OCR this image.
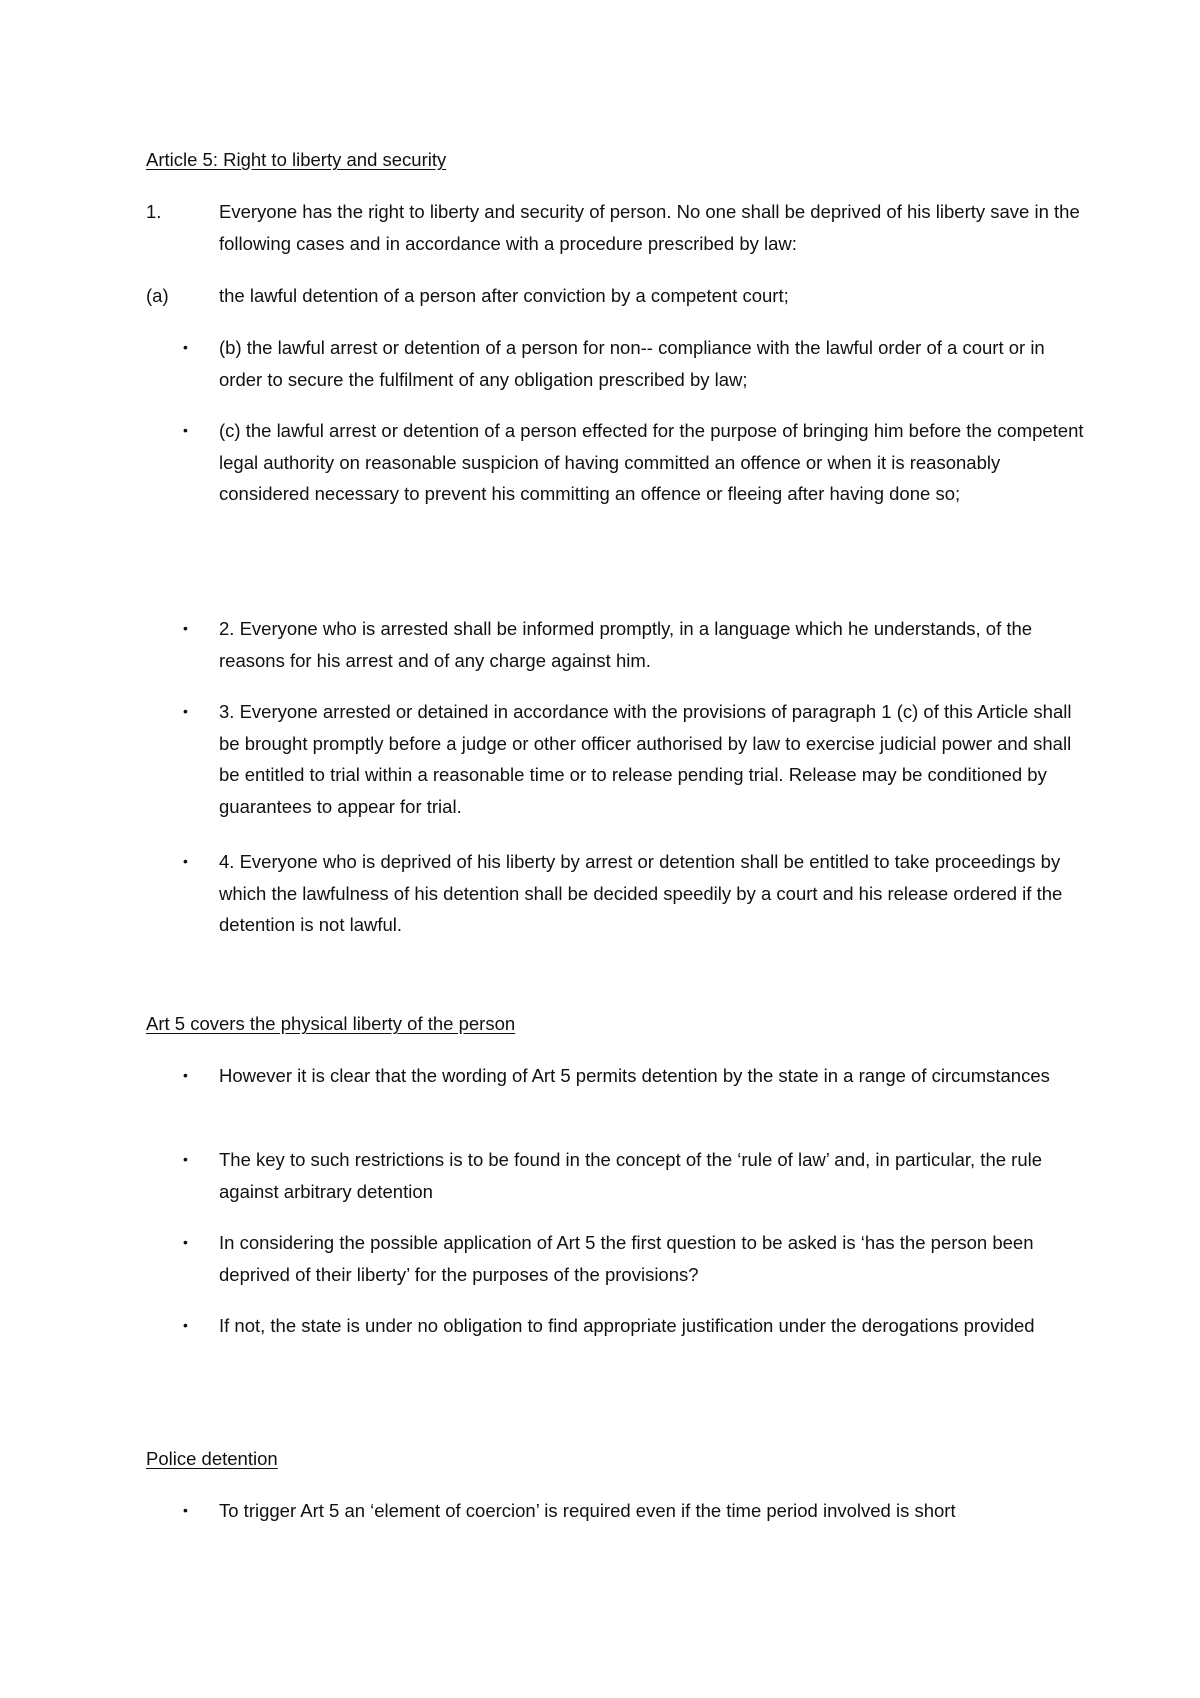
Article 5: Right to liberty and security
1.	Everyone has the right to liberty and security of person. No one shall be deprived of his liberty save in the following cases and in accordance with a procedure prescribed by law:
(a)	the lawful detention of a person after conviction by a competent court;
•	(b) the lawful arrest or detention of a person for non-- compliance with the lawful order of a court or in order to secure the fulfilment of any obligation prescribed by law;
•	(c) the lawful arrest or detention of a person effected for the purpose of bringing him before the competent legal authority on reasonable suspicion of having committed an offence or when it is reasonably considered necessary to prevent his committing an offence or fleeing after having done so;
•	2. Everyone who is arrested shall be informed promptly, in a language which he understands, of the reasons for his arrest and of any charge against him.
•	3. Everyone arrested or detained in accordance with the provisions of paragraph 1 (c) of this Article shall be brought promptly before a judge or other officer authorised by law to exercise judicial power and shall be entitled to trial within a reasonable time or to release pending trial. Release may be conditioned by guarantees to appear for trial.
•	4. Everyone who is deprived of his liberty by arrest or detention shall be entitled to take proceedings by which the lawfulness of his detention shall be decided speedily by a court and his release ordered if the detention is not lawful.
Art 5 covers the physical liberty of the person
•	However it is clear that the wording of Art 5 permits detention by the state in a range of circumstances
•	The key to such restrictions is to be found in the concept of the ‘rule of law’ and, in particular, the rule against arbitrary detention
•	In considering the possible application of Art 5 the first question to be asked is ‘has the person been deprived of their liberty’ for the purposes of the provisions?
•	If not, the state is under no obligation to find appropriate justification under the derogations provided
Police detention
•	To trigger Art 5 an ‘element of coercion’ is required even if the time period involved is short
